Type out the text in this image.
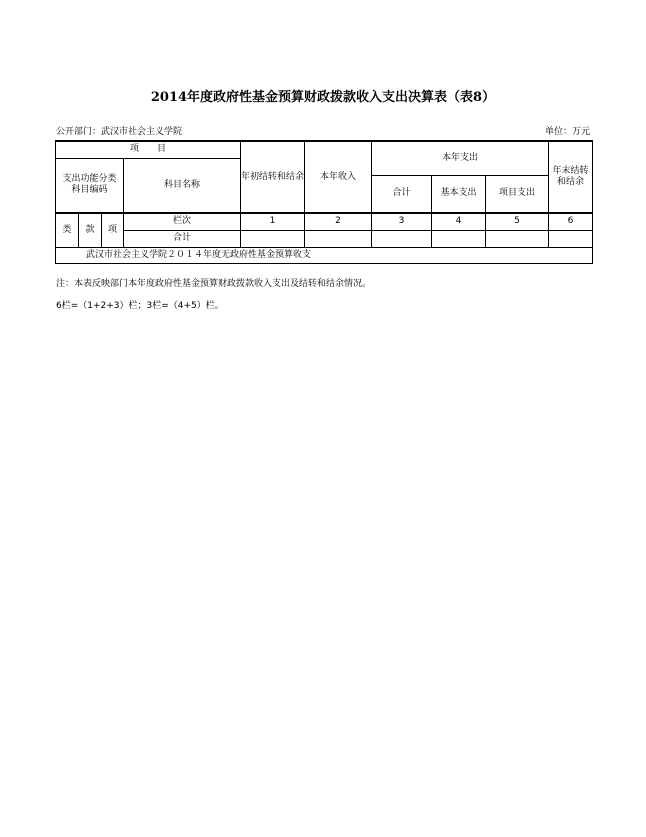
2014年度政府性基金预算财政拨款收入支出决算表（表8）
公开部门：武汉市社会主义学院	单位：万元
项　　目				年初结转和结余	本年收入	本年支出			年末结转
和结余
支出功能分类
科目编码			科目名称						
						合计	基本支出	项目支出	
类	款	项	栏次	1	2	3	4	5	6
			合计						
武汉市社会主义学院２０１４年度无政府性基金预算收支									
注：本表反映部门本年度政府性基金预算财政拨款收入支出及结转和结余情况。
6栏=（1+2+3）栏；3栏=（4+5）栏。
